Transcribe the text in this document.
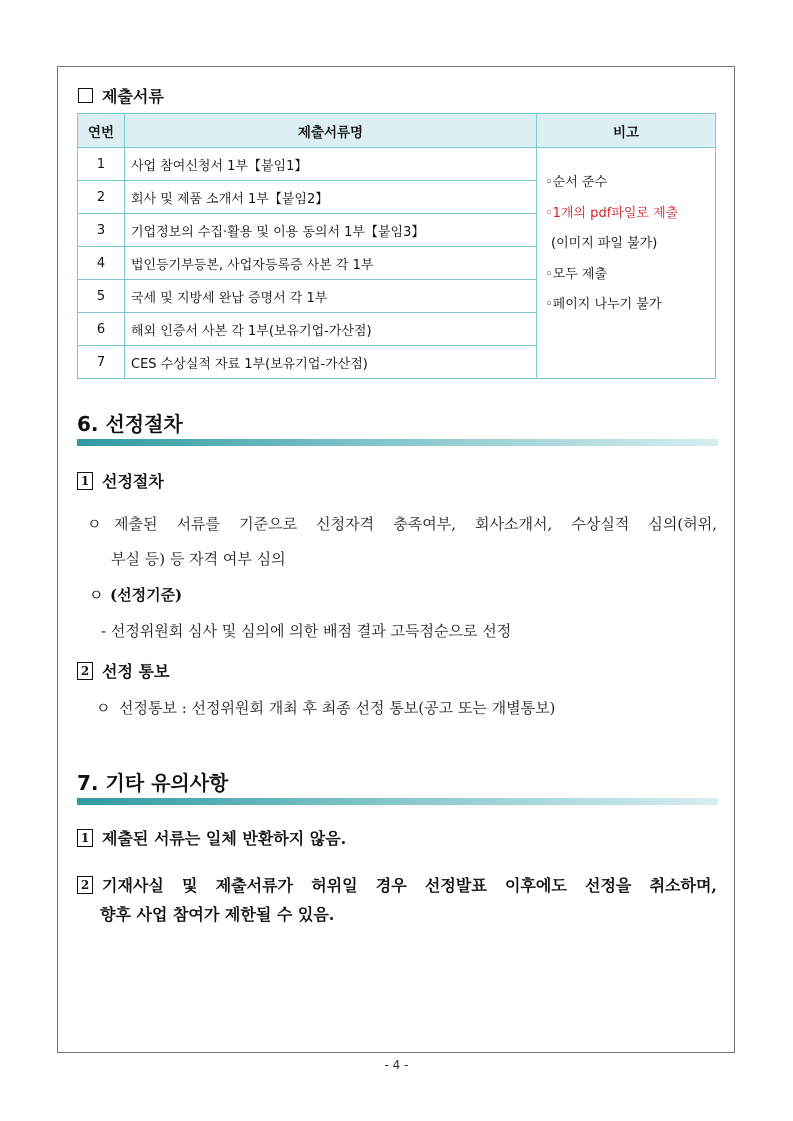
제출서류
연번	제출서류명	비고
1	사업 참여신청서 1부【붙임1】	◦순서 준수
◦1개의 pdf파일로 제출
(이미지 파일 불가)
◦모두 제출
◦페이지 나누기 불가

2	회사 및 제품 소개서 1부【붙임2】	
3	기업정보의 수집·활용 및 이용 동의서 1부【붙임3】	
4	법인등기부등본, 사업자등록증 사본 각 1부	
5	국세 및 지방세 완납 증명서 각 1부	
6	해외 인증서 사본 각 1부(보유기업-가산점)	
7	CES 수상실적 자료 1부(보유기업-가산점)	
6. 선정절차
1 선정절차
ㅇ 제출된 서류를 기준으로 신청자격 충족여부, 회사소개서, 수상실적 심의(허위,
부실 등) 등 자격 여부 심의
ㅇ (선정기준)
- 선정위원회 심사 및 심의에 의한 배점 결과 고득점순으로 선정
2 선정 통보
ㅇ 선정통보 : 선정위원회 개최 후 최종 선정 통보(공고 또는 개별통보)
7. 기타 유의사항
1 제출된 서류는 일체 반환하지 않음.
2 기재사실 및 제출서류가 허위일 경우 선정발표 이후에도 선정을 취소하며,
향후 사업 참여가 제한될 수 있음.
- 4 -
